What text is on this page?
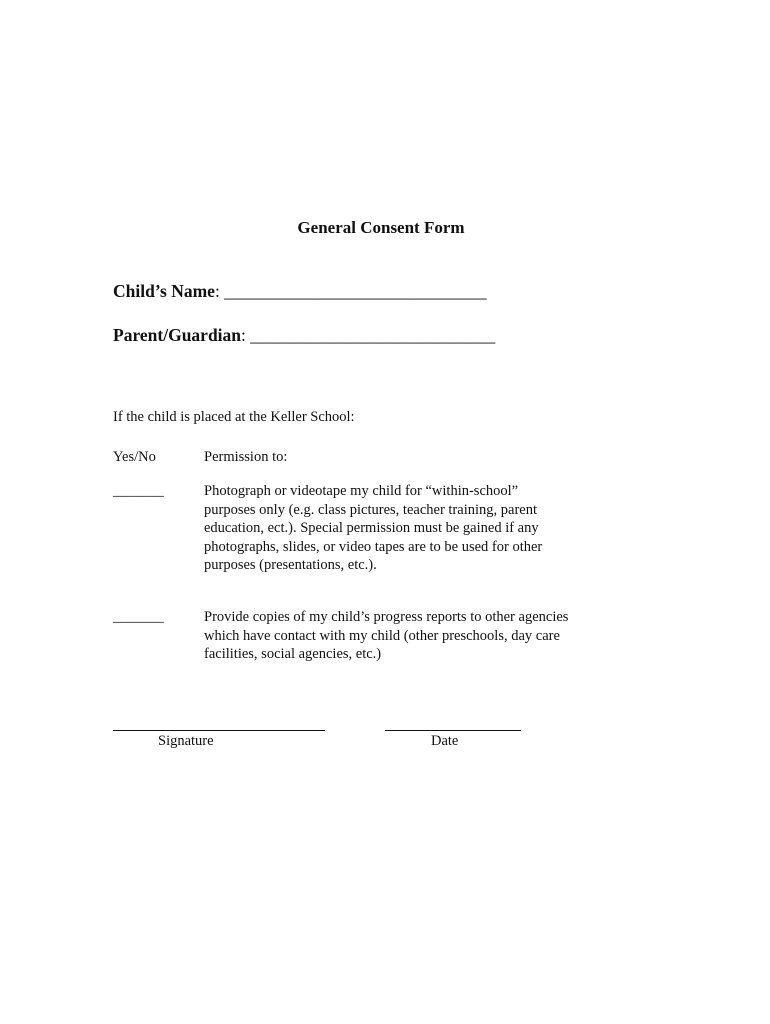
General Consent Form
Child’s Name: ______________________________
Parent/Guardian: ____________________________
If the child is placed at the Keller School:
Yes/No	Permission to:
_______	Photograph or videotape my child for “within-school”
purposes only (e.g. class pictures, teacher training, parent
education, ect.). Special permission must be gained if any
photographs, slides, or video tapes are to be used for other
purposes (presentations, etc.).
_______	Provide copies of my child’s progress reports to other agencies
which have contact with my child (other preschools, day care
facilities, social agencies, etc.)
Signature	Date
